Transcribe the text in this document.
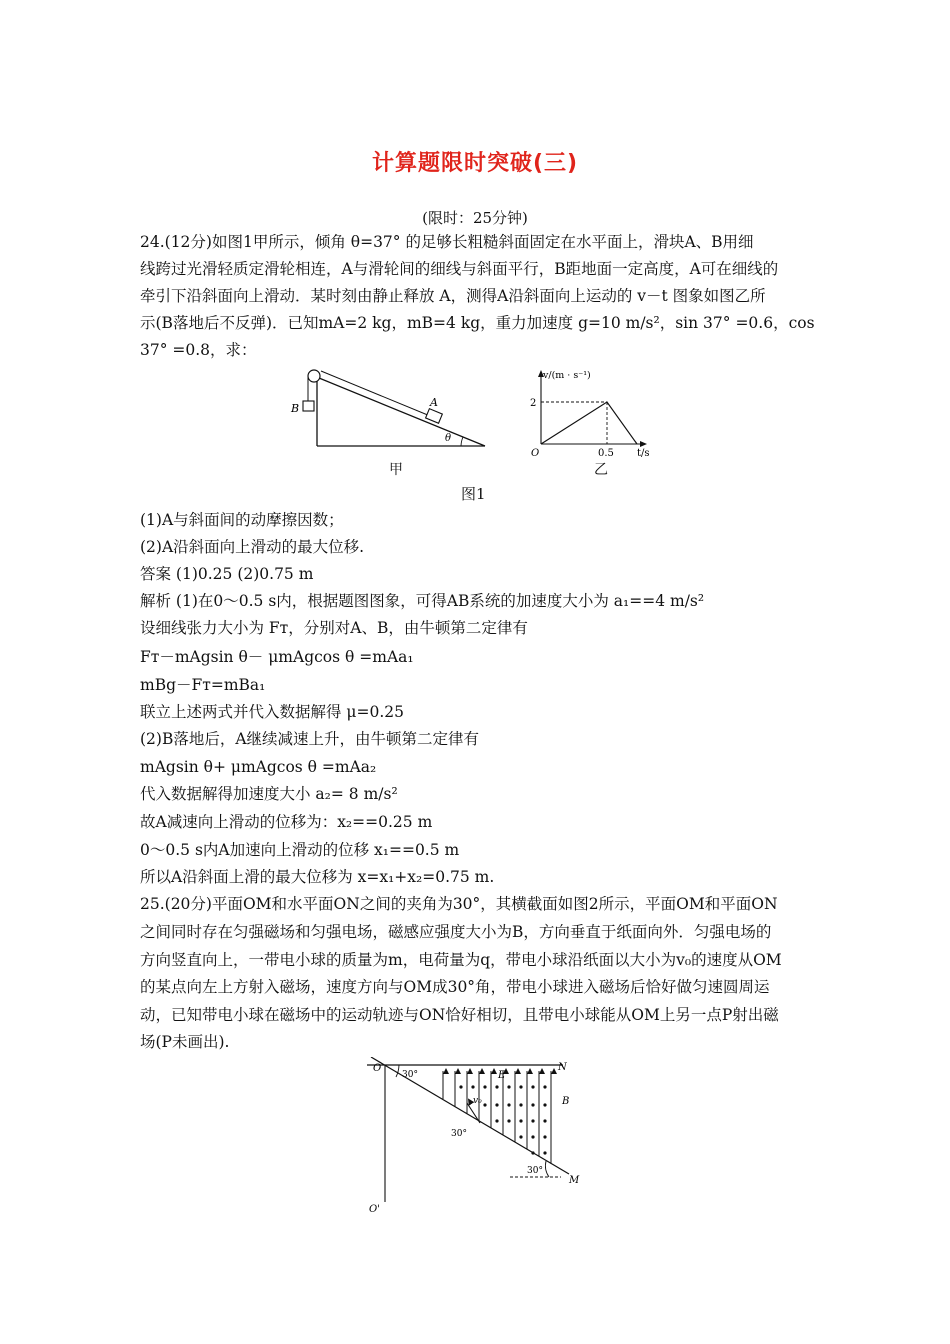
计算题限时突破(三)
(限时：25分钟)
24.(12分)如图1甲所示，倾角 θ=37° 的足够长粗糙斜面固定在水平面上，滑块A、B用细
线跨过光滑轻质定滑轮相连，A与滑轮间的细线与斜面平行，B距地面一定高度，A可在细线的
牵引下沿斜面向上滑动．某时刻由静止释放 A，测得A沿斜面向上运动的 v－t 图象如图乙所
示(B落地后不反弹)．已知mA=2 kg，mB=4 kg，重力加速度 g=10 m/s²，sin 37° =0.6，cos
37° =0.8，求：
B	A
θ
甲
v/(m · s⁻¹)
2
O	0.5 t/s
乙
图1
(1)A与斜面间的动摩擦因数；
(2)A沿斜面向上滑动的最大位移.
答案 (1)0.25 (2)0.75 m
解析 (1)在0～0.5 s内，根据题图图象，可得AB系统的加速度大小为 a₁==4 m/s²
设细线张力大小为 Fт，分别对A、B，由牛顿第二定律有
Fт－mAgsin θ－ μmAgcos θ =mAa₁
mBg－Fт=mBa₁
联立上述两式并代入数据解得 μ=0.25
(2)B落地后，A继续减速上升，由牛顿第二定律有
mAgsin θ+ μmAgcos θ =mAa₂
代入数据解得加速度大小 a₂= 8 m/s²
故A减速向上滑动的位移为：x₂==0.25 m
0～0.5 s内A加速向上滑动的位移 x₁==0.5 m
所以A沿斜面上滑的最大位移为 x=x₁+x₂=0.75 m.
25.(20分)平面OM和水平面ON之间的夹角为30°，其横截面如图2所示，平面OM和平面ON
之间同时存在匀强磁场和匀强电场，磁感应强度大小为B，方向垂直于纸面向外．匀强电场的
方向竖直向上，一带电小球的质量为m，电荷量为q，带电小球沿纸面以大小为v₀的速度从OM
的某点向左上方射入磁场，速度方向与OM成30°角，带电小球进入磁场后恰好做匀速圆周运
动，已知带电小球在磁场中的运动轨迹与ON恰好相切，且带电小球能从OM上另一点P射出磁
场(P未画出).
O
O'
N
M
E
B
v₀
30°
30°
30°
